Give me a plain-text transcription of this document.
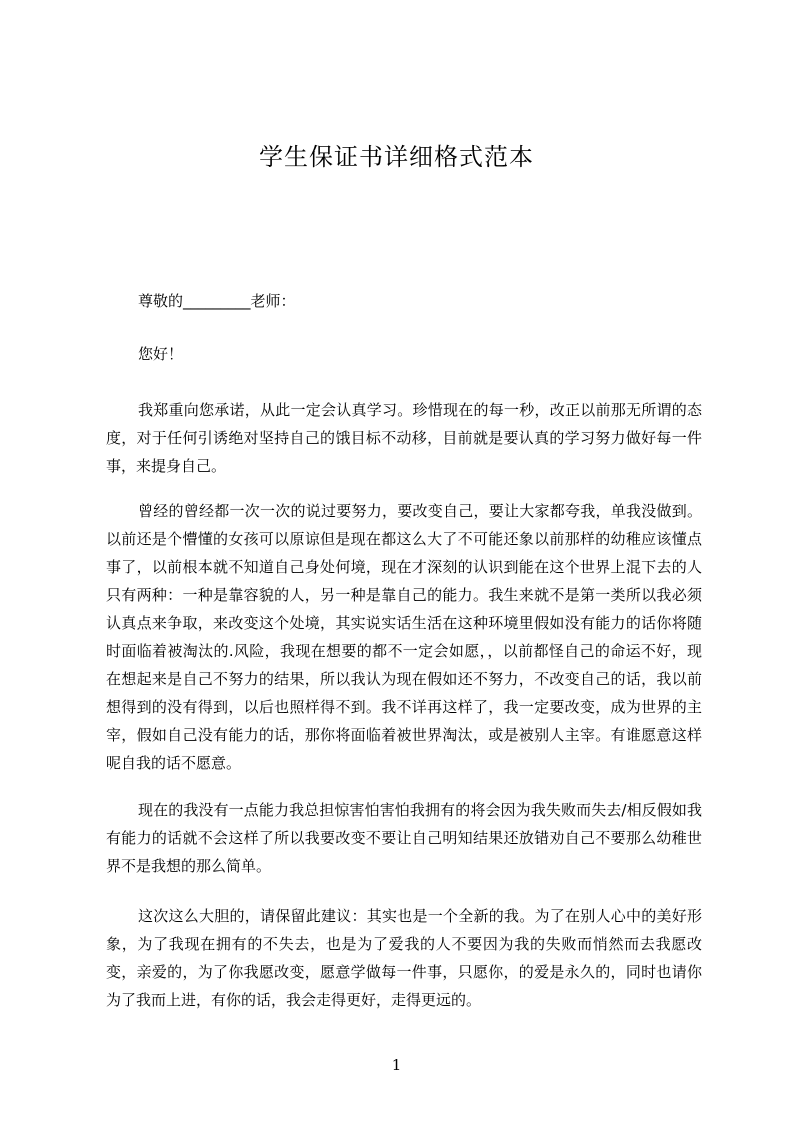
学生保证书详细格式范本

尊敬的_________老师：

您好！

我郑重向您承诺，从此一定会认真学习。珍惜现在的每一秒，改正以前那无所谓的态度，对于任何引诱绝对坚持自己的饿目标不动移，目前就是要认真的学习努力做好每一件事，来提身自己。

曾经的曾经都一次一次的说过要努力，要改变自己，要让大家都夸我，单我没做到。以前还是个懵懂的女孩可以原谅但是现在都这么大了不可能还象以前那样的幼稚应该懂点事了，以前根本就不知道自己身处何境，现在才深刻的认识到能在这个世界上混下去的人只有两种：一种是靠容貌的人，另一种是靠自己的能力。我生来就不是第一类所以我必须认真点来争取，来改变这个处境，其实说实话生活在这种环境里假如没有能力的话你将随时面临着被淘汰的.风险，我现在想要的都不一定会如愿，，以前都怪自己的命运不好，现在想起来是自己不努力的结果，所以我认为现在假如还不努力，不改变自己的话，我以前想得到的没有得到，以后也照样得不到。我不详再这样了，我一定要改变，成为世界的主宰，假如自己没有能力的话，那你将面临着被世界淘汰，或是被别人主宰。有谁愿意这样呢自我的话不愿意。

现在的我没有一点能力我总担惊害怕害怕我拥有的将会因为我失败而失去/相反假如我有能力的话就不会这样了所以我要改变不要让自己明知结果还放错劝自己不要那么幼稚世界不是我想的那么简单。

这次这么大胆的，请保留此建议：其实也是一个全新的我。为了在别人心中的美好形象，为了我现在拥有的不失去，也是为了爱我的人不要因为我的失败而悄然而去我愿改变，亲爱的，为了你我愿改变，愿意学做每一件事，只愿你，的爱是永久的，同时也请你为了我而上进，有你的话，我会走得更好，走得更远的。

1
